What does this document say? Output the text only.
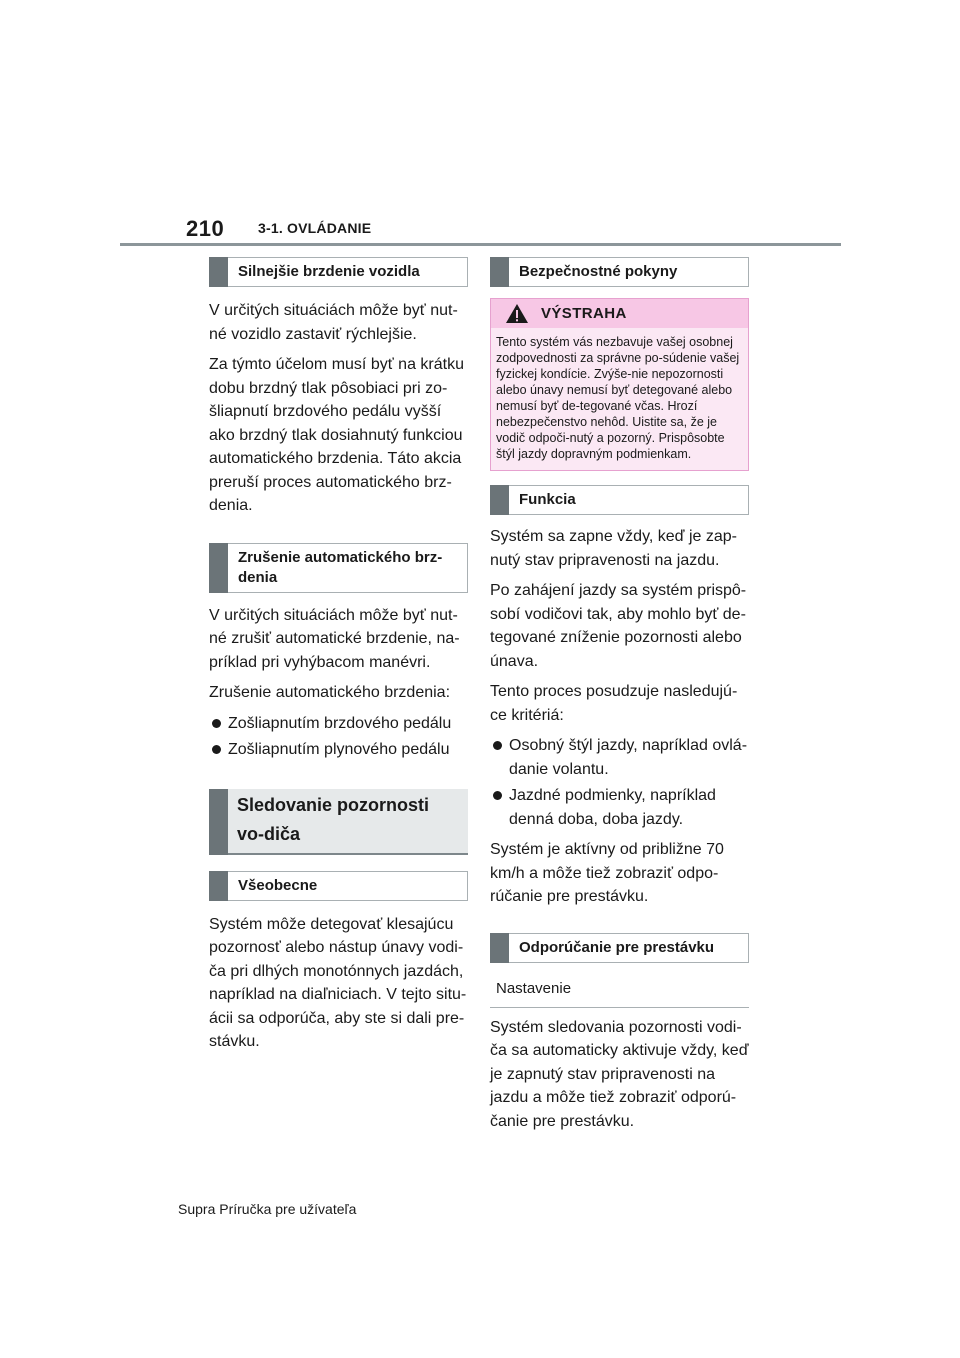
210 3-1. OVLÁDANIE
Silnejšie brzdenie vozidla

V určitých situáciách môže byť nut-né vozidlo zastaviť rýchlejšie.

Za týmto účelom musí byť na krátku dobu brzdný tlak pôsobiaci pri zo-šliapnutí brzdového pedálu vyšší ako brzdný tlak dosiahnutý funkciou automatického brzdenia. Táto akcia preruší proces automatického brz-denia.

Zrušenie automatického brz-denia

V určitých situáciách môže byť nut-né zrušiť automatické brzdenie, na-príklad pri vyhýbacom manévri.

Zrušenie automatického brzdenia:

Zošliapnutím brzdového pedálu
Zošliapnutím plynového pedálu
Sledovanie pozornosti vo-diča
Všeobecne

Systém môže detegovať klesajúcu pozornosť alebo nástup únavy vodi-ča pri dlhých monotónnych jazdách, napríklad na diaľniciach. V tejto situ-ácii sa odporúča, aby ste si dali pre-stávku.

Bezpečnostné pokyny
VÝSTRAHA
Tento systém vás nezbavuje vašej osobnej zodpovednosti za správne po-súdenie vašej fyzickej kondície. Zvýše-nie nepozornosti alebo únavy nemusí byť detegované alebo nemusí byť de-tegované včas. Hrozí nebezpečenstvo nehôd. Uistite sa, že je vodič odpoči-nutý a pozorný. Prispôsobte štýl jazdy dopravným podmienkam.
Funkcia

Systém sa zapne vždy, keď je zap-nutý stav pripravenosti na jazdu.

Po zahájení jazdy sa systém prispô-sobí vodičovi tak, aby mohlo byť de-tegované zníženie pozornosti alebo únava.

Tento proces posudzuje nasledujú-ce kritériá:

Osobný štýl jazdy, napríklad ovlá-danie volantu.
Jazdné podmienky, napríklad denná doba, doba jazdy.

Systém je aktívny od približne 70 km/h a môže tiež zobraziť odpo-rúčanie pre prestávku.

Odporúčanie pre prestávku
Nastavenie

Systém sledovania pozornosti vodi-ča sa automaticky aktivuje vždy, keď je zapnutý stav pripravenosti na jazdu a môže tiež zobraziť odporú-čanie pre prestávku.

Supra Príručka pre užívateľa
